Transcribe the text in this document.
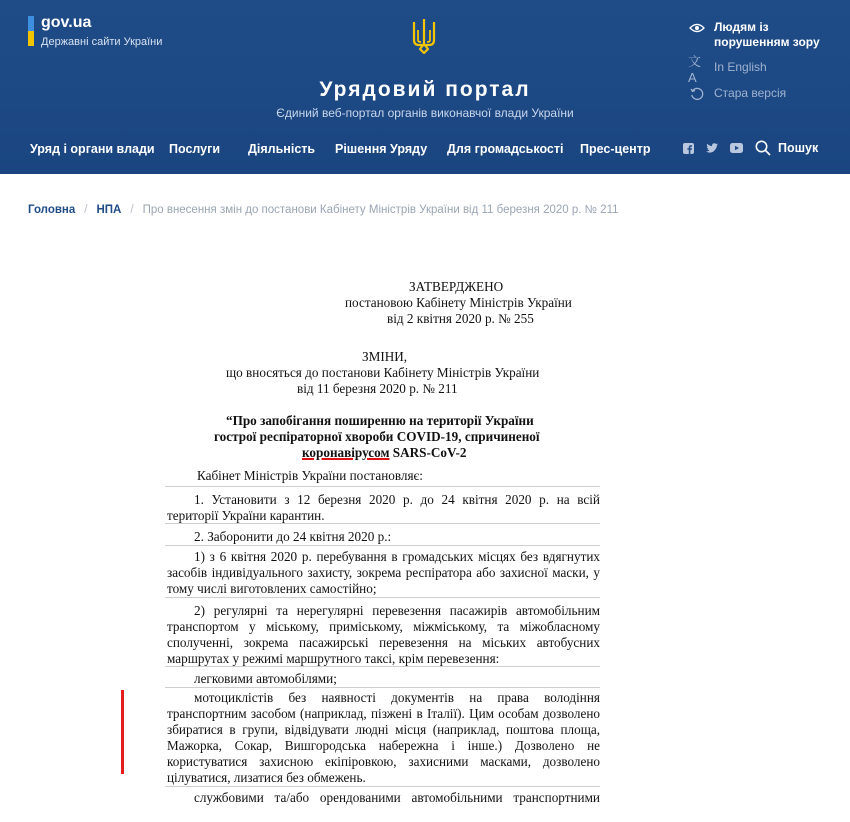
gov.ua
Державні сайти України
Урядовий портал
Єдиний веб-портал органів виконавчої влади України
Людям із
порушенням зору
文A
In English
Стара версія
Уряд і органи влади Послуги Діяльність Рішення Уряду Для громадськості Прес-центр	Пошук
Головна / НПА / Про внесення змін до постанови Кабінету Міністрів України від 11 березня 2020 р. № 211
ЗАТВЕРДЖЕНО
постановою Кабінету Міністрів України
від 2 квітня 2020 р. № 255
ЗМІНИ,
що вносяться до постанови Кабінету Міністрів України
від 11 березня 2020 р. № 211
“Про запобігання поширенню на території України
гострої респіраторної хвороби COVID-19, спричиненої
коронавірусом SARS-CoV-2
Кабінет Міністрів України постановляє:
1. Установити з 12 березня 2020 р. до 24 квітня 2020 р. на всій
території України карантин.
2. Заборонити до 24 квітня 2020 р.:
1) з 6 квітня 2020 р. перебування в громадських місцях без вдягнутих
засобів індивідуального захисту, зокрема респіратора або захисної маски, у
тому числі виготовлених самостійно;
2) регулярні та нерегулярні перевезення пасажирів автомобільним
транспортом у міському, приміському, міжміському, та міжобласному
сполученні, зокрема пасажирські перевезення на міських автобусних
маршрутах у режимі маршрутного таксі, крім перевезення:
легковими автомобілями;
мотоциклістів без наявності документів на права володіння
транспортним засобом (наприклад, пізжені в Італії). Цим особам дозволено
збиратися в групи, відвідувати людні місця (наприклад, поштова площа,
Мажорка, Сокар, Вишгородська набережна і інше.) Дозволено не
користуватися захисною екіпіровкою, захисними масками, дозволено
цілуватися, лизатися без обмежень.
службовими та/або орендованими автомобільними транспортними
